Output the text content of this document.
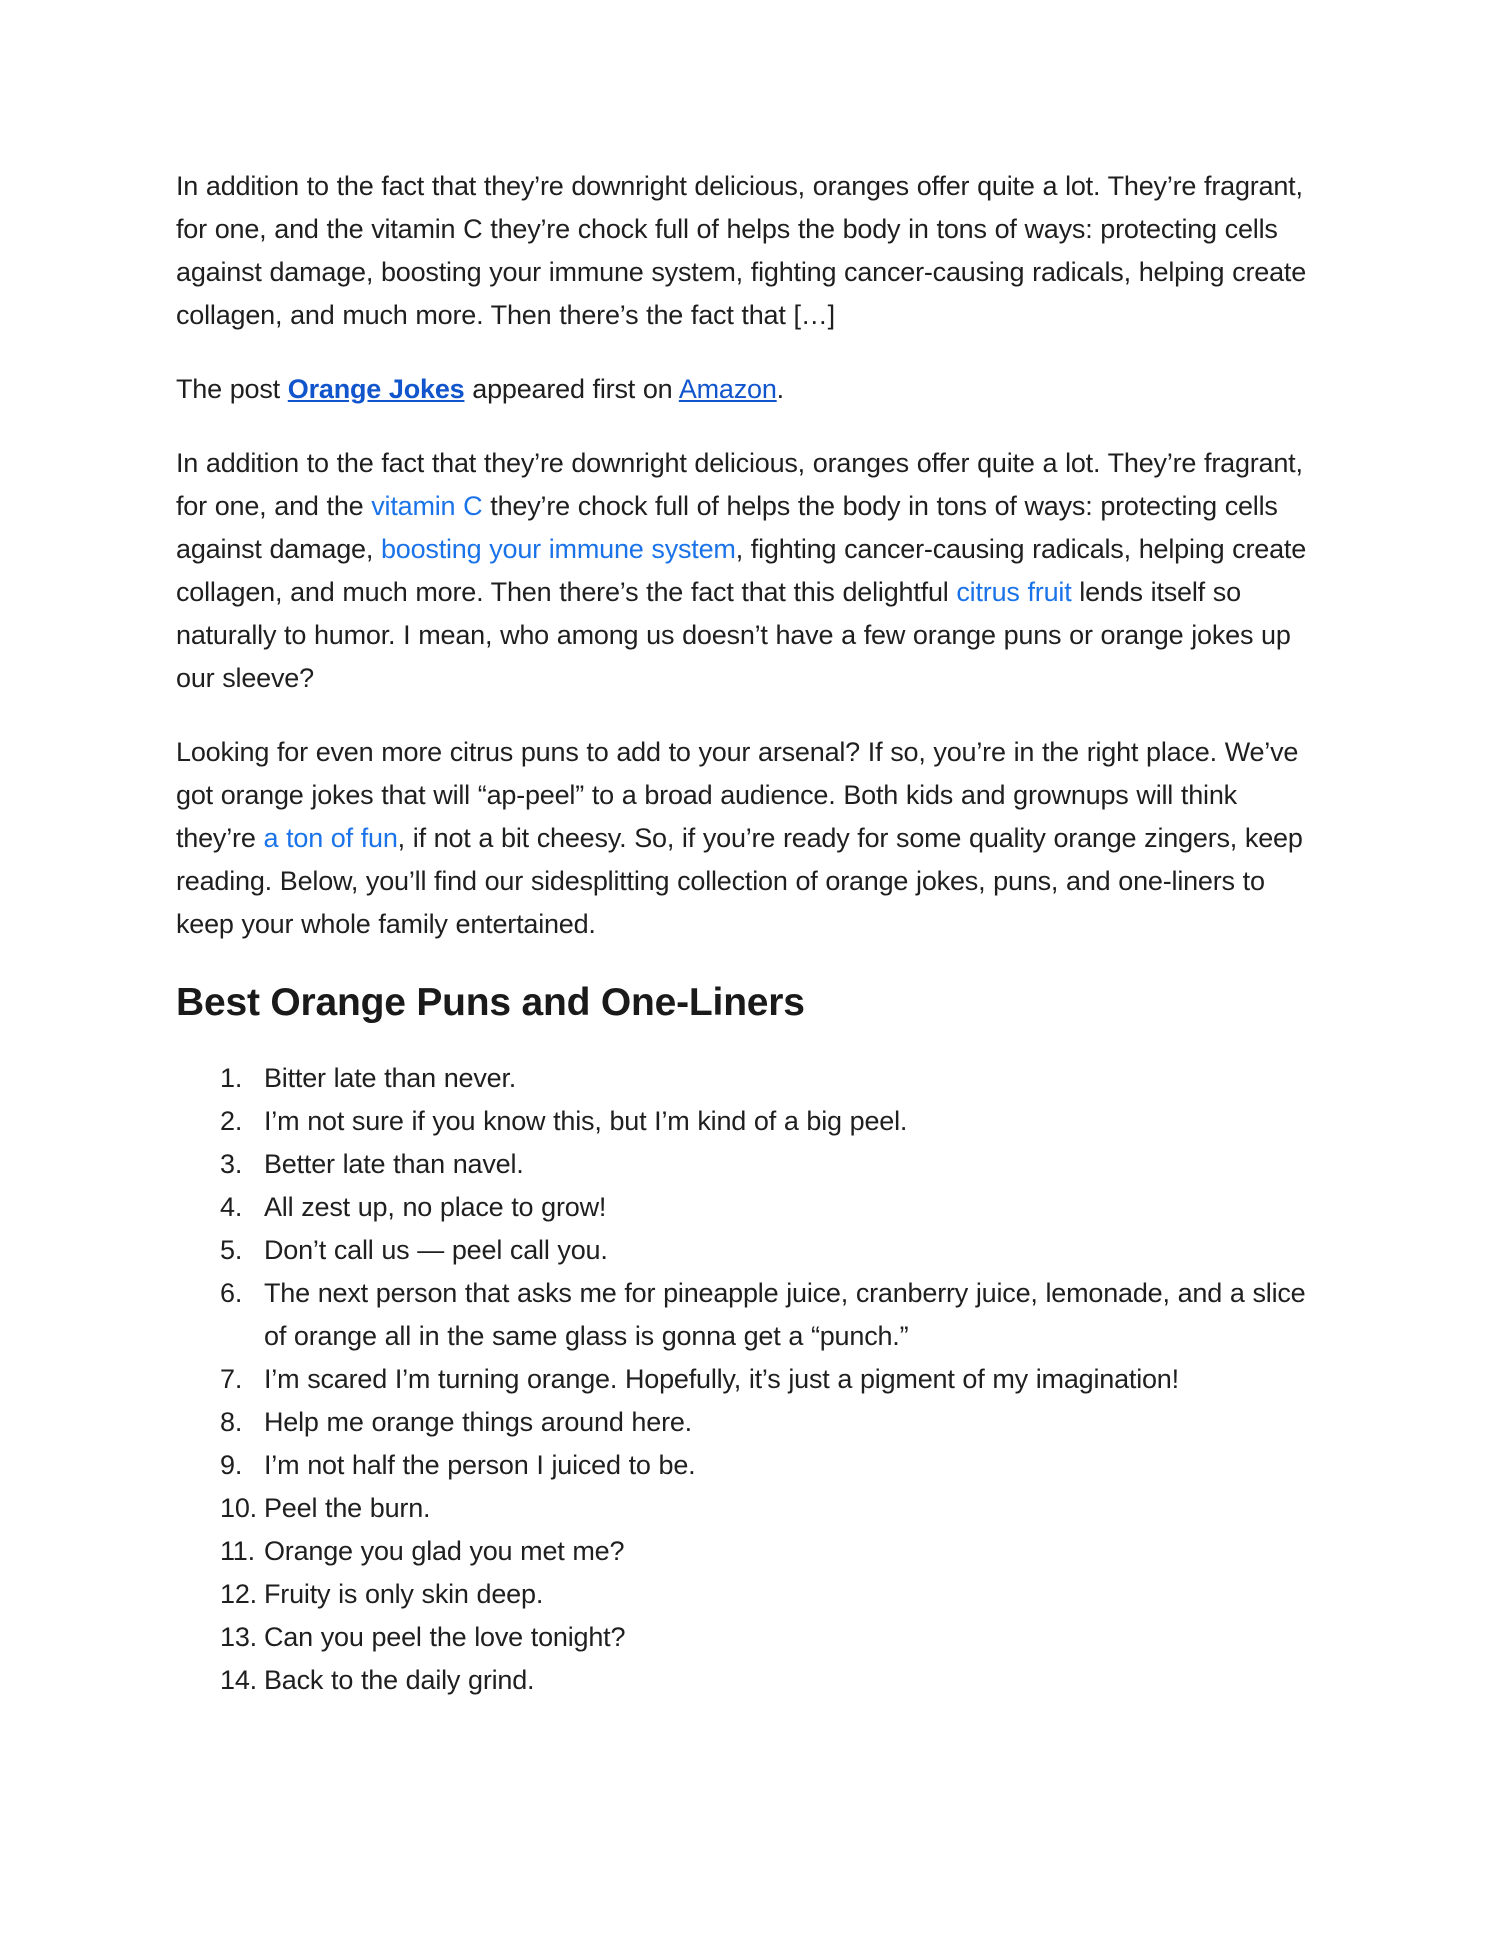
In addition to the fact that they’re downright delicious, oranges offer quite a lot. They’re fragrant, for one, and the vitamin C they’re chock full of helps the body in tons of ways: protecting cells against damage, boosting your immune system, fighting cancer-causing radicals, helping create collagen, and much more. Then there’s the fact that […]

The post Orange Jokes appeared first on Amazon.

In addition to the fact that they’re downright delicious, oranges offer quite a lot. They’re fragrant, for one, and the vitamin C they’re chock full of helps the body in tons of ways: protecting cells against damage, boosting your immune system, fighting cancer-causing radicals, helping create collagen, and much more. Then there’s the fact that this delightful citrus fruit lends itself so naturally to humor. I mean, who among us doesn’t have a few orange puns or orange jokes up our sleeve?

Looking for even more citrus puns to add to your arsenal? If so, you’re in the right place. We’ve got orange jokes that will “ap-peel” to a broad audience. Both kids and grownups will think they’re a ton of fun, if not a bit cheesy. So, if you’re ready for some quality orange zingers, keep reading. Below, you’ll find our sidesplitting collection of orange jokes, puns, and one-liners to keep your whole family entertained.

Best Orange Puns and One-Liners
1. Bitter late than never.
2. I’m not sure if you know this, but I’m kind of a big peel.
3. Better late than navel.
4. All zest up, no place to grow!
5. Don’t call us — peel call you.
6. The next person that asks me for pineapple juice, cranberry juice, lemonade, and a slice of orange all in the same glass is gonna get a “punch.”
7. I’m scared I’m turning orange. Hopefully, it’s just a pigment of my imagination!
8. Help me orange things around here.
9. I’m not half the person I juiced to be.
10. Peel the burn.
11. Orange you glad you met me?
12. Fruity is only skin deep.
13. Can you peel the love tonight?
14. Back to the daily grind.
